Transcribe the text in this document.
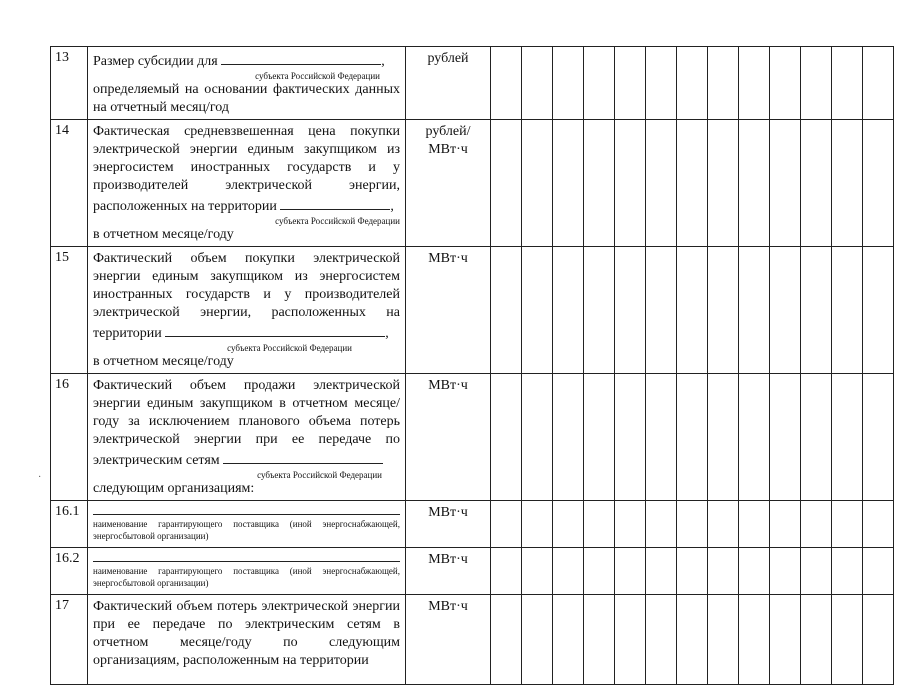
13	Размер субсидии для ,
субъекта Российской Федерации
определяемый на основании фактических данных на отчетный месяц/год	рублей													
14	Фактическая средневзвешенная цена покупки электрической энергии единым закупщиком из энергосистем иностранных государств и у производителей электрической энергии, расположенных на территории ,
субъекта Российской Федерации
в отчетном месяце/году	рублей/ МВт·ч													
15	Фактический объем покупки электрической энергии единым закупщиком из энергосистем иностранных государств и у производителей электрической энергии, расположенных на территории ,
субъекта Российской Федерации
в отчетном месяце/году	МВт·ч													
16	Фактический объем продажи электрической энергии единым закупщиком в отчетном месяце/году за исключением планового объема потерь электрической энергии при ее передаче по электрическим сетям
субъекта Российской Федерации
следующим организациям:	МВт·ч													
16.1	наименование гарантирующего поставщика (иной энергоснабжающей, энергосбытовой организации)	МВт·ч													
16.2	наименование гарантирующего поставщика (иной энергоснабжающей, энергосбытовой организации)	МВт·ч													
17	Фактический объем потерь электрической энергии при ее передаче по электрическим сетям в отчетном месяце/году по следующим организациям, расположенным на территории	МВт·ч													
·
